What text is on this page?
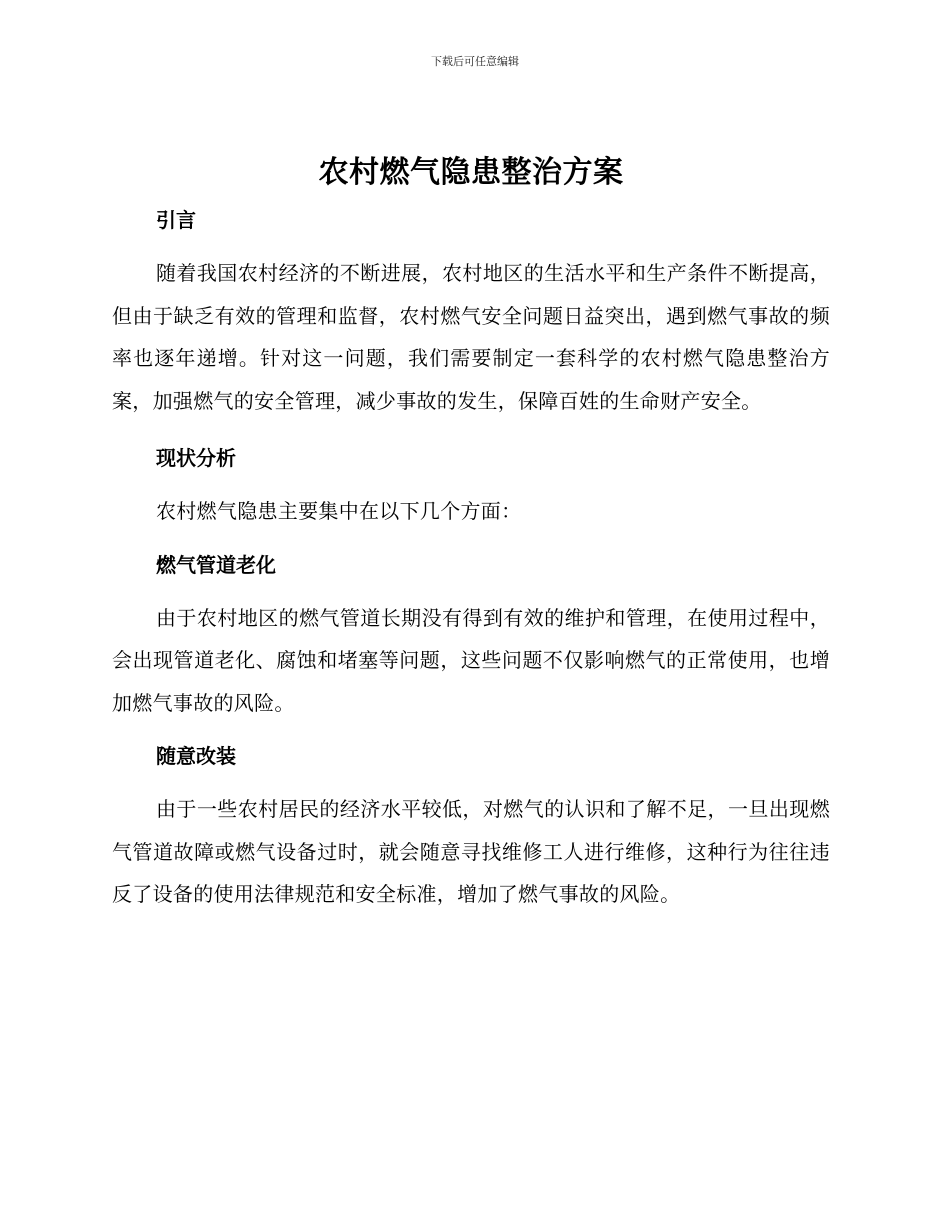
下载后可任意编辑
农村燃气隐患整治方案
引言

随着我国农村经济的不断进展，农村地区的生活水平和生产条件不断提高，但由于缺乏有效的管理和监督，农村燃气安全问题日益突出，遇到燃气事故的频率也逐年递增。针对这一问题，我们需要制定一套科学的农村燃气隐患整治方案，加强燃气的安全管理，减少事故的发生，保障百姓的生命财产安全。

现状分析

农村燃气隐患主要集中在以下几个方面：

燃气管道老化

由于农村地区的燃气管道长期没有得到有效的维护和管理，在使用过程中，会出现管道老化、腐蚀和堵塞等问题，这些问题不仅影响燃气的正常使用，也增加燃气事故的风险。

随意改装

由于一些农村居民的经济水平较低，对燃气的认识和了解不足，一旦出现燃气管道故障或燃气设备过时，就会随意寻找维修工人进行维修，这种行为往往违反了设备的使用法律规范和安全标准，增加了燃气事故的风险。
